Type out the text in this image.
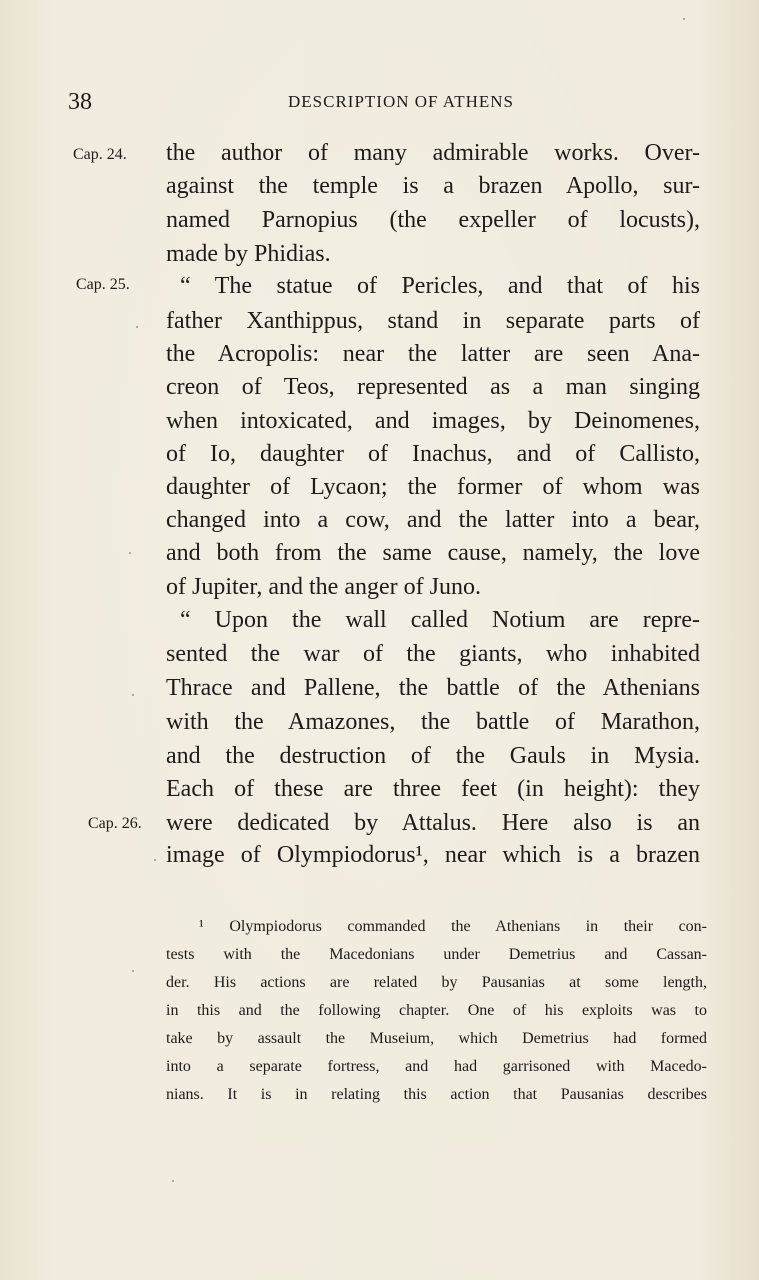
38	DESCRIPTION OF ATHENS
Cap. 24.
Cap. 25.
Cap. 26.
the author of many admirable works. Over-
against the temple is a brazen Apollo, sur-
named Parnopius (the expeller of locusts),
made by Phidias.
“ The statue of Pericles, and that of his
father Xanthippus, stand in separate parts of
the Acropolis: near the latter are seen Ana-
creon of Teos, represented as a man singing
when intoxicated, and images, by Deinomenes,
of Io, daughter of Inachus, and of Callisto,
daughter of Lycaon; the former of whom was
changed into a cow, and the latter into a bear,
and both from the same cause, namely, the love
of Jupiter, and the anger of Juno.
“ Upon the wall called Notium are repre-
sented the war of the giants, who inhabited
Thrace and Pallene, the battle of the Athenians
with the Amazones, the battle of Marathon,
and the destruction of the Gauls in Mysia.
Each of these are three feet (in height): they
were dedicated by Attalus. Here also is an
image of Olympiodorus¹, near which is a brazen
¹ Olympiodorus commanded the Athenians in their con-
tests with the Macedonians under Demetrius and Cassan-
der. His actions are related by Pausanias at some length,
in this and the following chapter. One of his exploits was to
take by assault the Museium, which Demetrius had formed
into a separate fortress, and had garrisoned with Macedo-
nians. It is in relating this action that Pausanias describes
